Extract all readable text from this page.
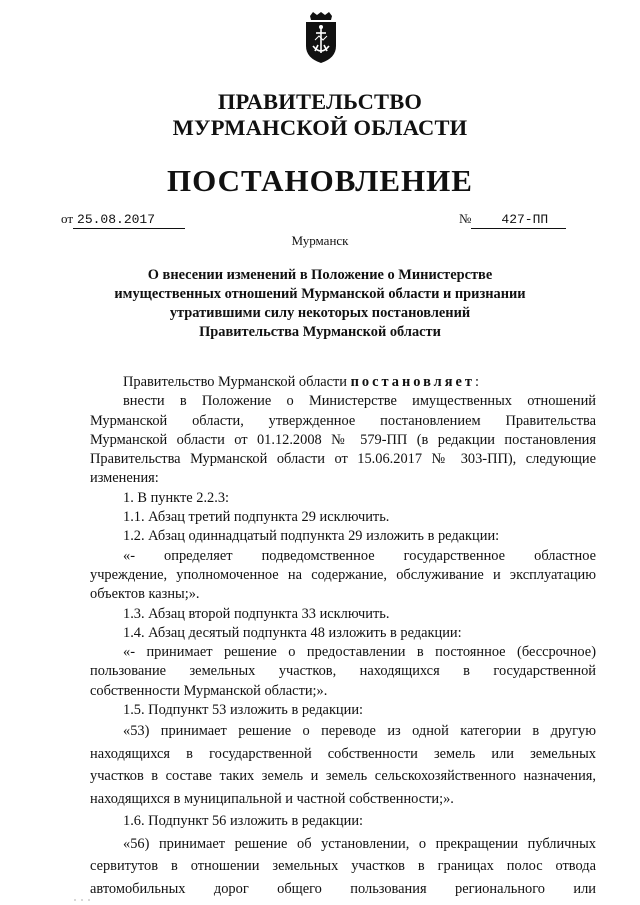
ПРАВИТЕЛЬСТВО
МУРМАНСКОЙ ОБЛАСТИ
ПОСТАНОВЛЕНИЕ
от 25.08.2017	№ 427-ПП
Мурманск
О внесении изменений в Положение о Министерстве
имущественных отношений Мурманской области и признании
утратившими силу некоторых постановлений
Правительства Мурманской области

Правительство Мурманской области постановляет:

внести в Положение о Министерстве имущественных отношений

Мурманской области, утвержденное постановлением Правительства

Мурманской области от 01.12.2008 № 579-ПП (в редакции постановления

Правительства Мурманской области от 15.06.2017 № 303-ПП), следующие

изменения:

1. В пункте 2.2.3:

1.1. Абзац третий подпункта 29 исключить.

1.2. Абзац одиннадцатый подпункта 29 изложить в редакции:

«- определяет подведомственное государственное областное

учреждение, уполномоченное на содержание, обслуживание и эксплуатацию

объектов казны;».

1.3. Абзац второй подпункта 33 исключить.

1.4. Абзац десятый подпункта 48 изложить в редакции:

«- принимает решение о предоставлении в постоянное (бессрочное)

пользование земельных участков, находящихся в государственной

собственности Мурманской области;».

1.5. Подпункт 53 изложить в редакции:

«53) принимает решение о переводе из одной категории в другую

находящихся в государственной собственности земель или земельных

участков в составе таких земель и земель сельскохозяйственного назначения,

находящихся в муниципальной и частной собственности;».

1.6. Подпункт 56 изложить в редакции:

«56) принимает решение об установлении, о прекращении публичных

сервитутов в отношении земельных участков в границах полос отвода

автомобильных дорог общего пользования регионального или
